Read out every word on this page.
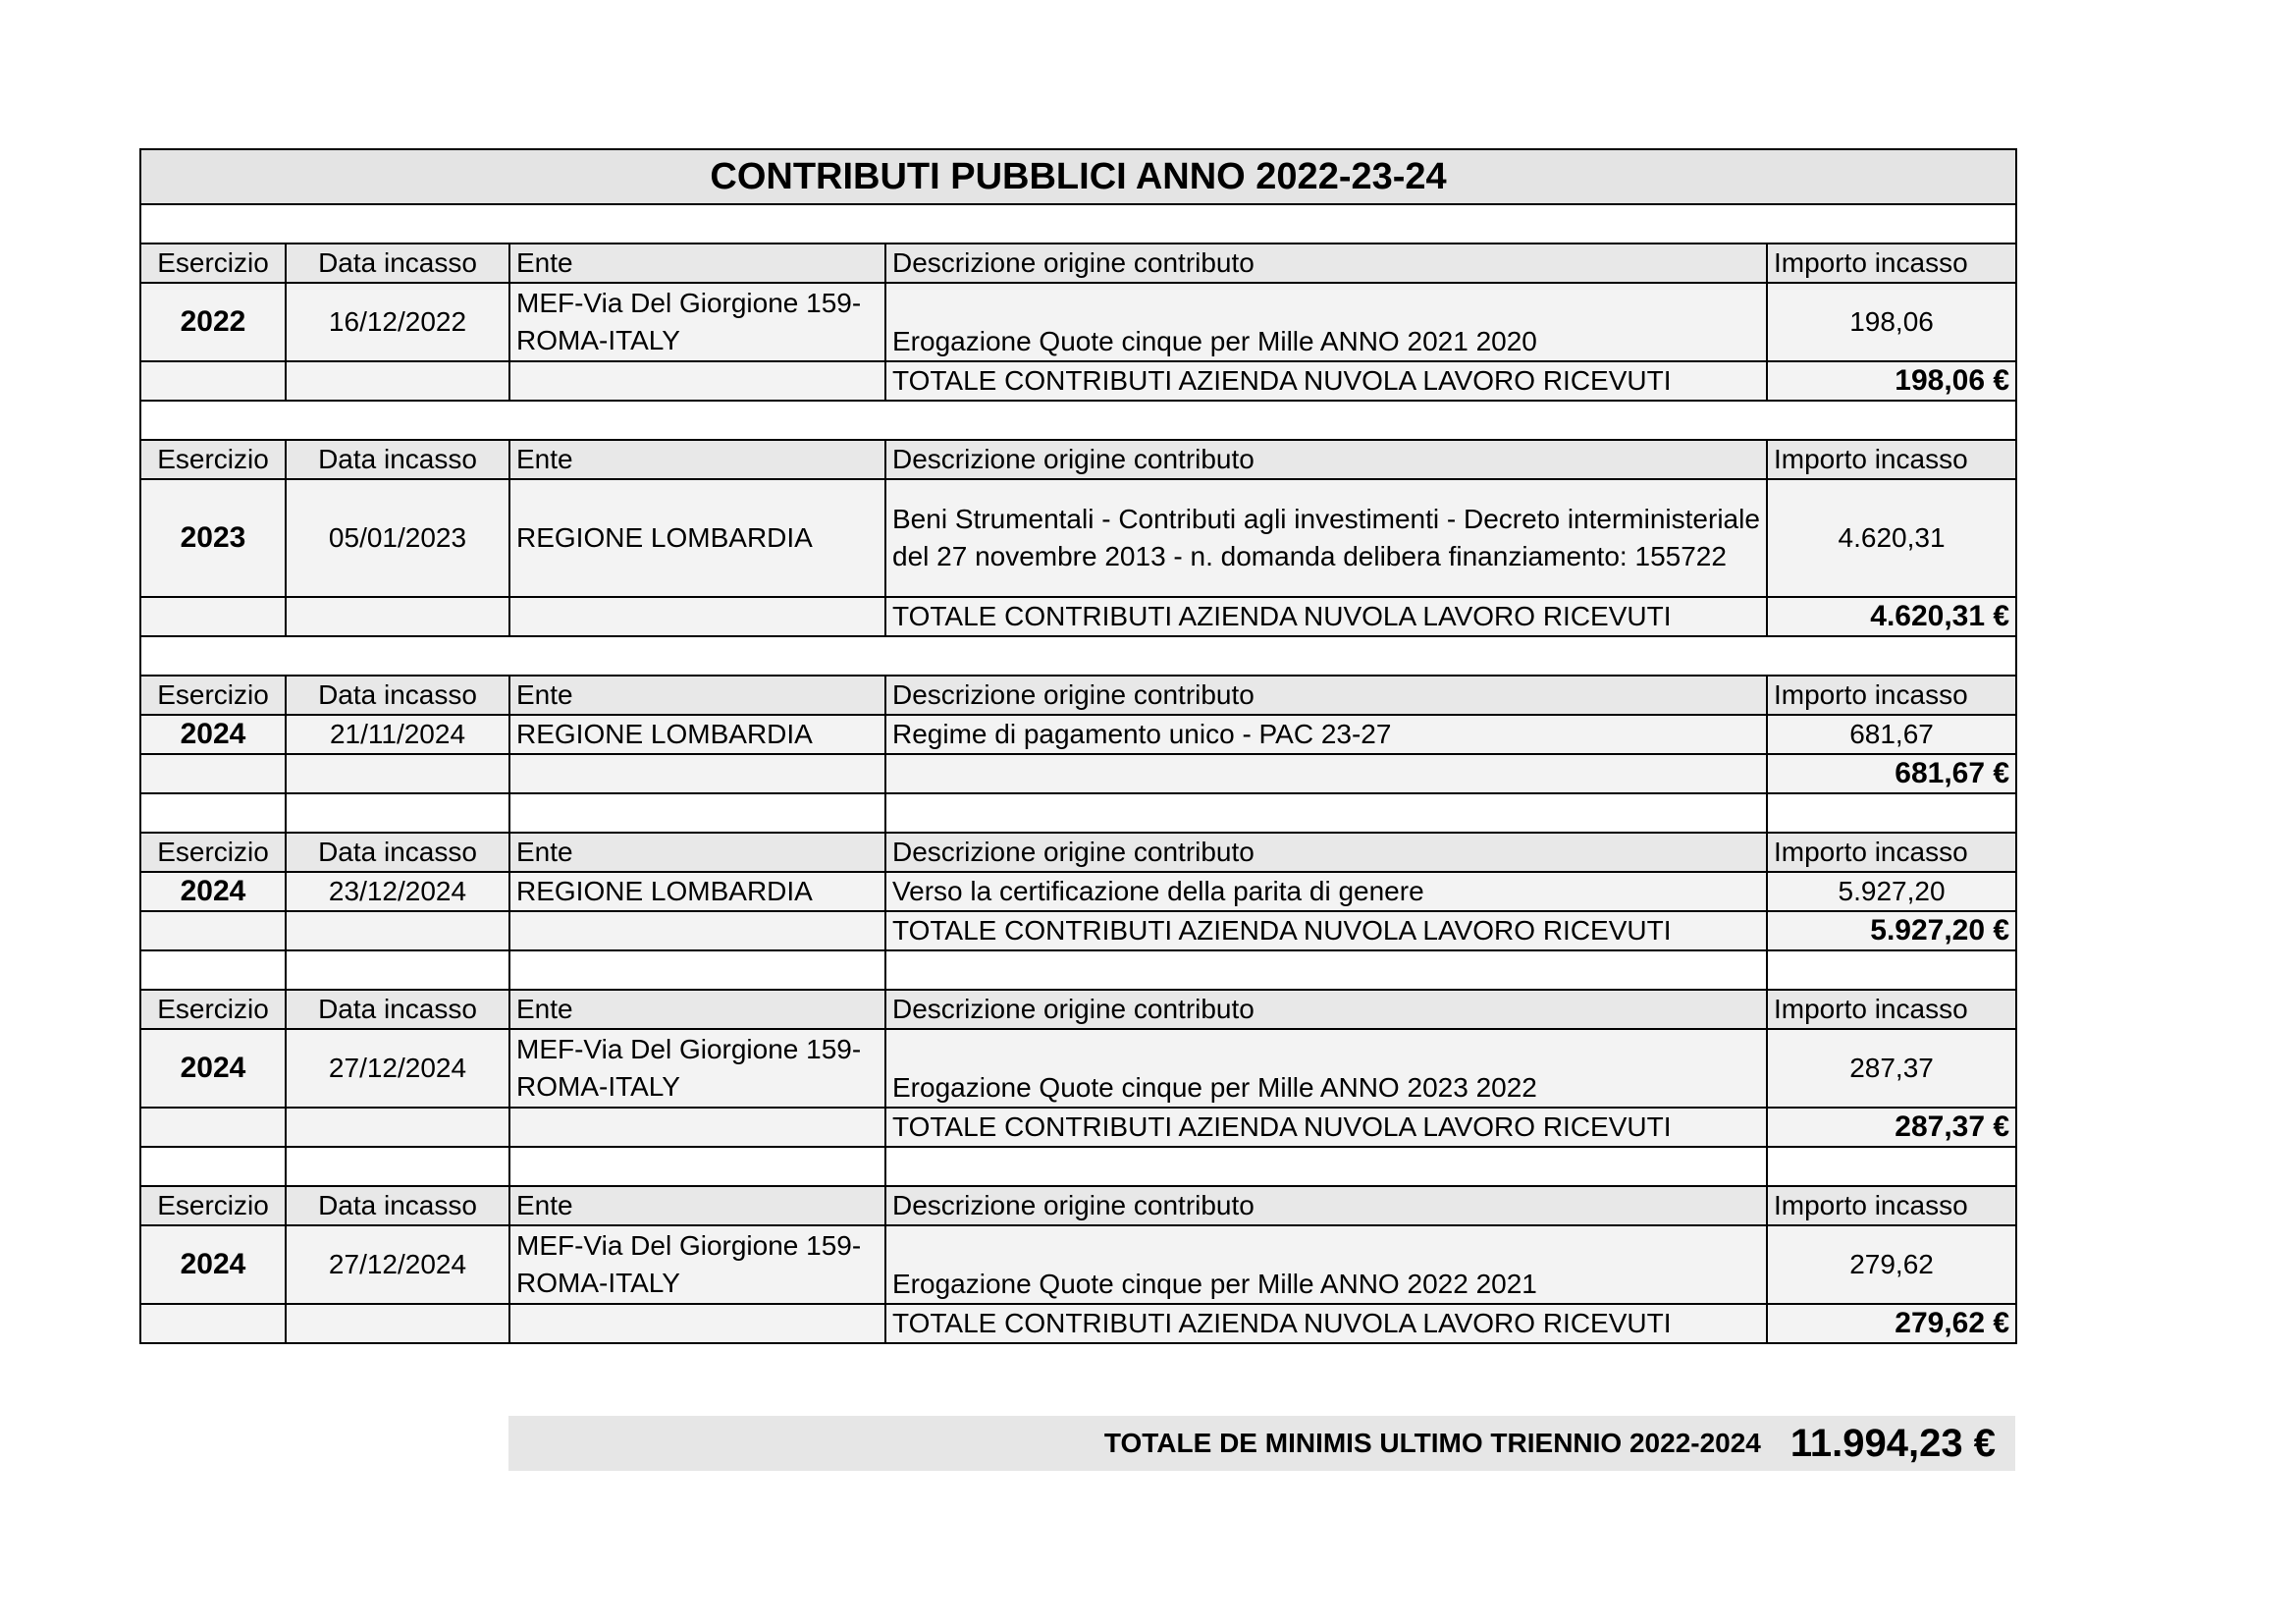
CONTRIBUTI PUBBLICI ANNO 2022-23-24				

Esercizio	Data incasso	Ente	Descrizione origine contributo	Importo incasso
2022	16/12/2022	MEF-Via Del Giorgione 159-ROMA-ITALY	Erogazione Quote cinque per Mille ANNO 2021 2020	198,06
			TOTALE CONTRIBUTI AZIENDA NUVOLA LAVORO RICEVUTI	198,06 €

Esercizio	Data incasso	Ente	Descrizione origine contributo	Importo incasso
2023	05/01/2023	REGIONE LOMBARDIA	Beni Strumentali - Contributi agli investimenti - Decreto interministeriale del 27 novembre 2013 - n. domanda delibera finanziamento: 155722	4.620,31
			TOTALE CONTRIBUTI AZIENDA NUVOLA LAVORO RICEVUTI	4.620,31 €

Esercizio	Data incasso	Ente	Descrizione origine contributo	Importo incasso
2024	21/11/2024	REGIONE LOMBARDIA	Regime di pagamento unico - PAC 23-27	681,67
				681,67 €

Esercizio	Data incasso	Ente	Descrizione origine contributo	Importo incasso
2024	23/12/2024	REGIONE LOMBARDIA	Verso la certificazione della parita di genere	5.927,20
			TOTALE CONTRIBUTI AZIENDA NUVOLA LAVORO RICEVUTI	5.927,20 €

Esercizio	Data incasso	Ente	Descrizione origine contributo	Importo incasso
2024	27/12/2024	MEF-Via Del Giorgione 159-ROMA-ITALY	Erogazione Quote cinque per Mille ANNO 2023 2022	287,37
			TOTALE CONTRIBUTI AZIENDA NUVOLA LAVORO RICEVUTI	287,37 €

Esercizio	Data incasso	Ente	Descrizione origine contributo	Importo incasso
2024	27/12/2024	MEF-Via Del Giorgione 159-ROMA-ITALY	Erogazione Quote cinque per Mille ANNO 2022 2021	279,62
			TOTALE CONTRIBUTI AZIENDA NUVOLA LAVORO RICEVUTI	279,62 €
TOTALE DE MINIMIS ULTIMO TRIENNIO 2022-2024 11.994,23 €
